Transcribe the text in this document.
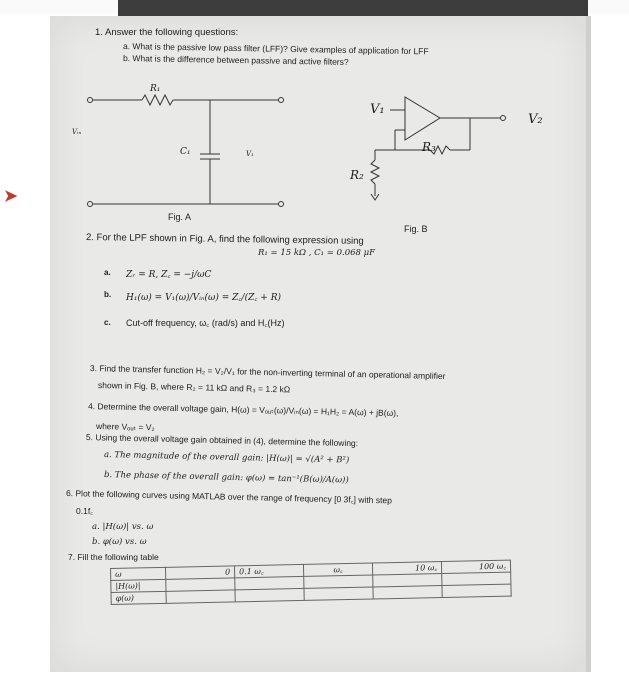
➤
1. Answer the following questions:
a. What is the passive low pass filter (LFF)? Give examples of application for LFF
b. What is the difference between passive and active filters?
R₁
C₁
Vᵢₙ
V₁
Fig. A
V₁
V₂
R₃
R₂
Fig. B
2. For the LPF shown in Fig. A, find the following expression using
R₁ = 15 kΩ , C₁ = 0.068 μF
a. Zᵣ = R, Z꜀ = −j/ωC
b. H₁(ω) = V₁(ω)/Vᵢₙ(ω) = Z꜀/(Z꜀ + R)
c. Cut-off frequency, ω꜀ (rad/s) and H꜀(Hz)
3. Find the transfer function H₂ = V₂/V₁ for the non-inverting terminal of an operational amplifier
shown in Fig. B, where R₂ = 11 kΩ and R₃ = 1.2 kΩ
4. Determine the overall voltage gain, H(ω) = Vₒᵤₜ(ω)/Vᵢₙ(ω) = H₁H₂ = A(ω) + jB(ω),
where Vₒᵤₜ = V₂
5. Using the overall voltage gain obtained in (4), determine the following:
a. The magnitude of the overall gain: |H(ω)| = √(A² + B²)
b. The phase of the overall gain: φ(ω) = tan⁻¹(B(ω)/A(ω))
6. Plot the following curves using MATLAB over the range of frequency [0 3f꜀] with step
0.1f꜀
a. |H(ω)| vs. ω
b. φ(ω) vs. ω
7. Fill the following table
ω	0	0.1 ω꜀	ω꜀	10 ω꜀	100 ω꜀
|H(ω)|					
φ(ω)					
